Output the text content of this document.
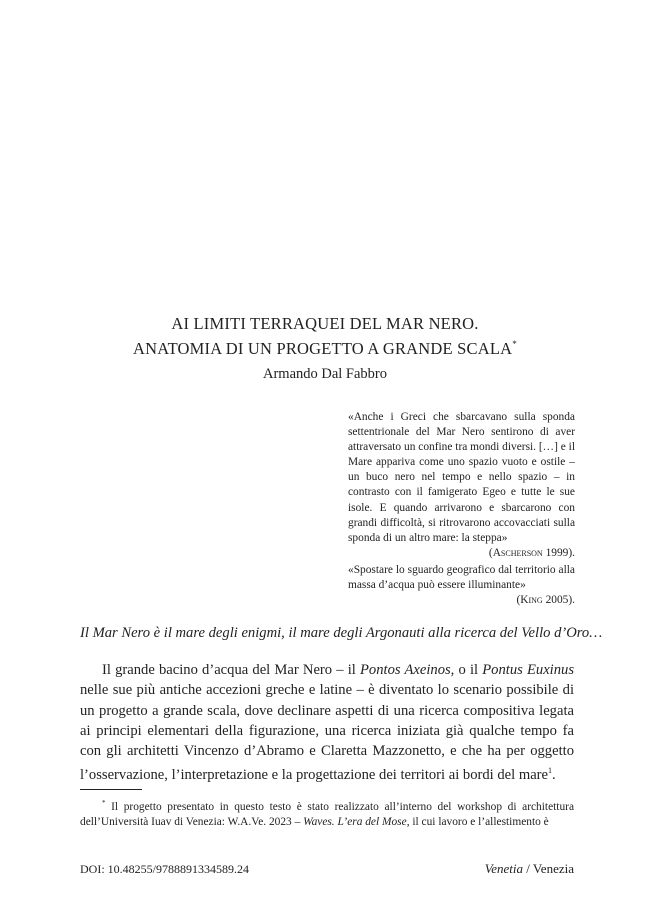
AI LIMITI TERRAQUEI DEL MAR NERO.
ANATOMIA DI UN PROGETTO A GRANDE SCALA*
Armando Dal Fabbro
«Anche i Greci che sbarcavano sulla sponda settentrionale del Mar Nero sentirono di aver attraversato un confine tra mondi diversi. […] e il Mare appariva come uno spazio vuoto e ostile – un buco nero nel tempo e nello spazio – in contrasto con il famigerato Egeo e tutte le sue isole. E quando arrivarono e sbarcarono con grandi difficoltà, si ritrovarono accovacciati sulla sponda di un altro mare: la steppa»
(Ascherson 1999).
«Spostare lo sguardo geografico dal territorio alla massa d’acqua può essere illuminante»
(King 2005).
Il Mar Nero è il mare degli enigmi, il mare degli Argonauti alla ricerca del Vello d’Oro…
Il grande bacino d’acqua del Mar Nero – il Pontos Axeinos, o il Pontus Euxinus nelle sue più antiche accezioni greche e latine – è diventato lo scenario possibile di un progetto a grande scala, dove declinare aspetti di una ricerca compositiva legata ai principi elementari della figurazione, una ricerca iniziata già qualche tempo fa con gli architetti Vincenzo d’Abramo e Claretta Mazzonetto, e che ha per oggetto l’osservazione, l’interpretazione e la progettazione dei territori ai bordi del mare$^1$.
* Il progetto presentato in questo testo è stato realizzato all’interno del workshop di architettura dell’Università Iuav di Venezia: W.A.Ve. 2023 – Waves. L’era del Mose, il cui lavoro e l’allestimento è
DOI: 10.48255/9788891334589.24	Venetia / Venezia
